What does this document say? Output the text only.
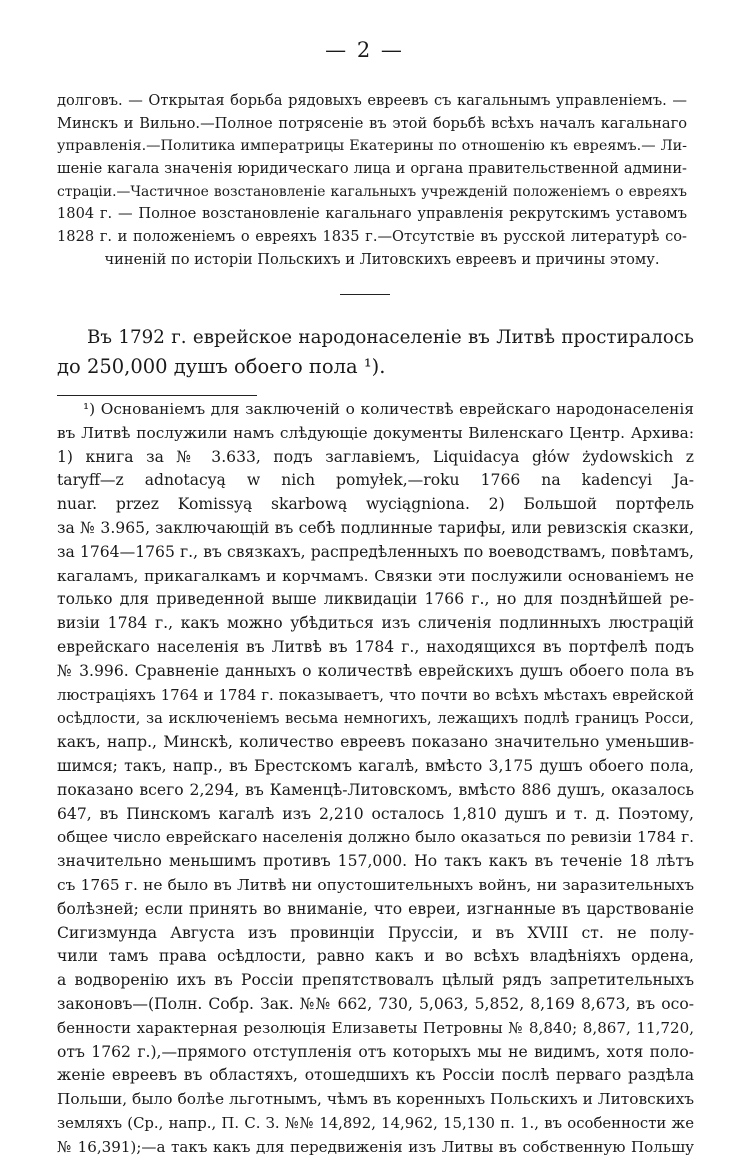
— 2 —
долговъ. — Открытая борьба рядовыхъ евреевъ съ кагальнымъ управленіемъ. —
Минскъ и Вильно.—Полное потрясеніе въ этой борьбѣ всѣхъ началъ кагальнаго
управленія.—Политика императрицы Екатерины по отношенію къ евреямъ.— Ли-
шеніе кагала значенія юридическаго лица и органа правительственной админи-
страціи.—Частичное возстановленіе кагальныхъ учрежденій положеніемъ о евреяхъ
1804 г. — Полное возстановленіе кагальнаго управленія рекрутскимъ уставомъ
1828 г. и положеніемъ о евреяхъ 1835 г.—Отсутствіе въ русской литературѣ со-
чиненій по исторіи Польскихъ и Литовскихъ евреевъ и причины этому.
Въ 1792 г. еврейское народонаселеніе въ Литвѣ простиралось
до 250,000 душъ обоего пола ¹).
¹) Основаніемъ для заключеній о количествѣ еврейскаго народонаселенія
въ Литвѣ послужили намъ слѣдующіе документы Виленскаго Центр. Архива:
1) книга за № 3.633, подъ заглавіемъ, Liquidacya głów żydowskich z
taryff—z adnotacyą w nich pomyłek,—roku 1766 na kadencyi Ja-
nuar. przez Komissyą skarbową wyciągniona. 2) Большой портфель
за № 3.965, заключающій въ себѣ подлинные тарифы, или ревизскія сказки,
за 1764—1765 г., въ связкахъ, распредѣленныхъ по воеводствамъ, повѣтамъ,
кагаламъ, прикагалкамъ и корчмамъ. Связки эти послужили основаніемъ не
только для приведенной выше ликвидаціи 1766 г., но для позднѣйшей ре-
визіи 1784 г., какъ можно убѣдиться изъ сличенія подлинныхъ люстрацій
еврейскаго населенія въ Литвѣ въ 1784 г., находящихся въ портфелѣ подъ
№ 3.996. Сравненіе данныхъ о количествѣ еврейскихъ душъ обоего пола въ
люстраціяхъ 1764 и 1784 г. показываетъ, что почти во всѣхъ мѣстахъ еврейской
осѣдлости, за исключеніемъ весьма немногихъ, лежащихъ подлѣ границъ Росси,
какъ, напр., Минскѣ, количество евреевъ показано значительно уменьшив-
шимся; такъ, напр., въ Брестскомъ кагалѣ, вмѣсто 3,175 душъ обоего пола,
показано всего 2,294, въ Каменцѣ-Литовскомъ, вмѣсто 886 душъ, оказалось
647, въ Пинскомъ кагалѣ изъ 2,210 осталось 1,810 душъ и т. д. Поэтому,
общее число еврейскаго населенія должно было оказаться по ревизіи 1784 г.
значительно меньшимъ противъ 157,000. Но такъ какъ въ теченіе 18 лѣтъ
съ 1765 г. не было въ Литвѣ ни опустошительныхъ войнъ, ни заразительныхъ
болѣзней; если принять во вниманіе, что евреи, изгнанные въ царствованіе
Сигизмунда Августа изъ провинціи Пруссіи, и въ XVIII ст. не полу-
чили тамъ права осѣдлости, равно какъ и во всѣхъ владѣніяхъ ордена,
а водворенію ихъ въ Россіи препятствовалъ цѣлый рядъ запретительныхъ
законовъ—(Полн. Собр. Зак. №№ 662, 730, 5,063, 5,852, 8,169 8,673, въ осо-
бенности характерная резолюція Елизаветы Петровны № 8,840; 8,867, 11,720,
отъ 1762 г.),—прямого отступленія отъ которыхъ мы не видимъ, хотя поло-
женіе евреевъ въ областяхъ, отошедшихъ къ Россіи послѣ перваго раздѣла
Польши, было болѣе льготнымъ, чѣмъ въ коренныхъ Польскихъ и Литовскихъ
земляхъ (Ср., напр., П. С. З. №№ 14,892, 14,962, 15,130 п. 1., въ особенности же
№ 16,391);—а такъ какъ для передвиженія изъ Литвы въ собственную Польшу
